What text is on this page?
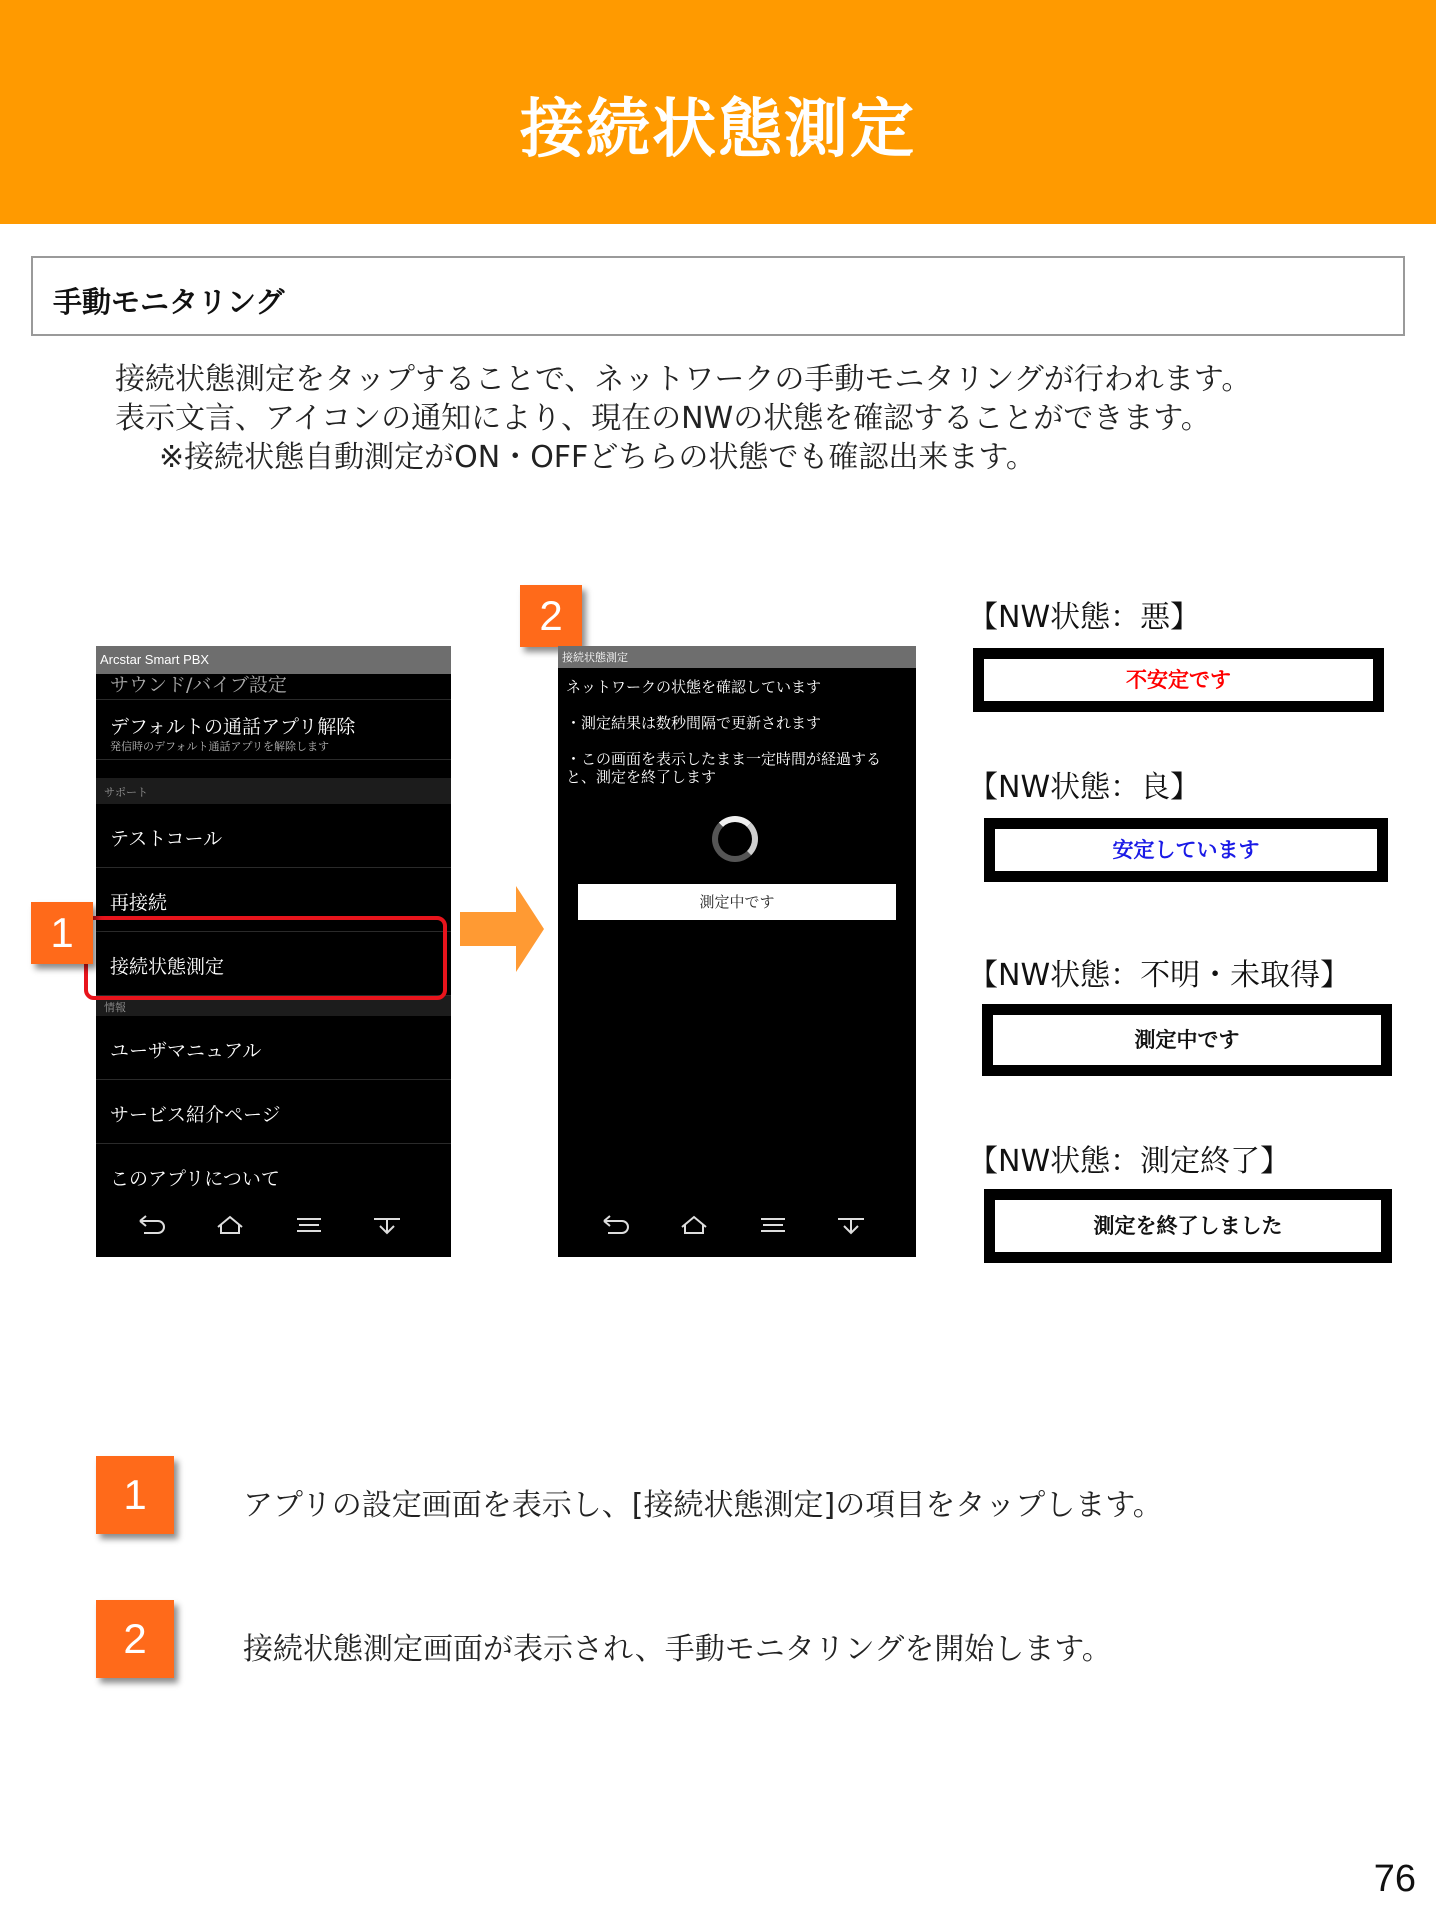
接続状態測定
手動モニタリング
接続状態測定をタップすることで、ネットワークの手動モニタリングが行われます。
表示文言、アイコンの通知により、現在のNWの状態を確認することができます。
※接続状態自動測定がON・OFFどちらの状態でも確認出来ます。
Arcstar Smart PBX
サウンド/バイブ設定
デフォルトの通話アプリ解除
発信時のデフォルト通話アプリを解除します
サポート
テストコール
再接続
接続状態測定
情報
ユーザマニュアル
サービス紹介ページ
このアプリについて
1
2
接続状態測定
ネットワークの状態を確認しています
・測定結果は数秒間隔で更新されます
・この画面を表示したまま一定時間が経過する
と、測定を終了します
測定中です
【NW状態：悪】
不安定です
【NW状態：良】
安定しています
【NW状態：不明・未取得】
測定中です
【NW状態：測定終了】
測定を終了しました
1	アプリの設定画面を表示し、[接続状態測定]の項目をタップします。
2	接続状態測定画面が表示され、手動モニタリングを開始します。
76
